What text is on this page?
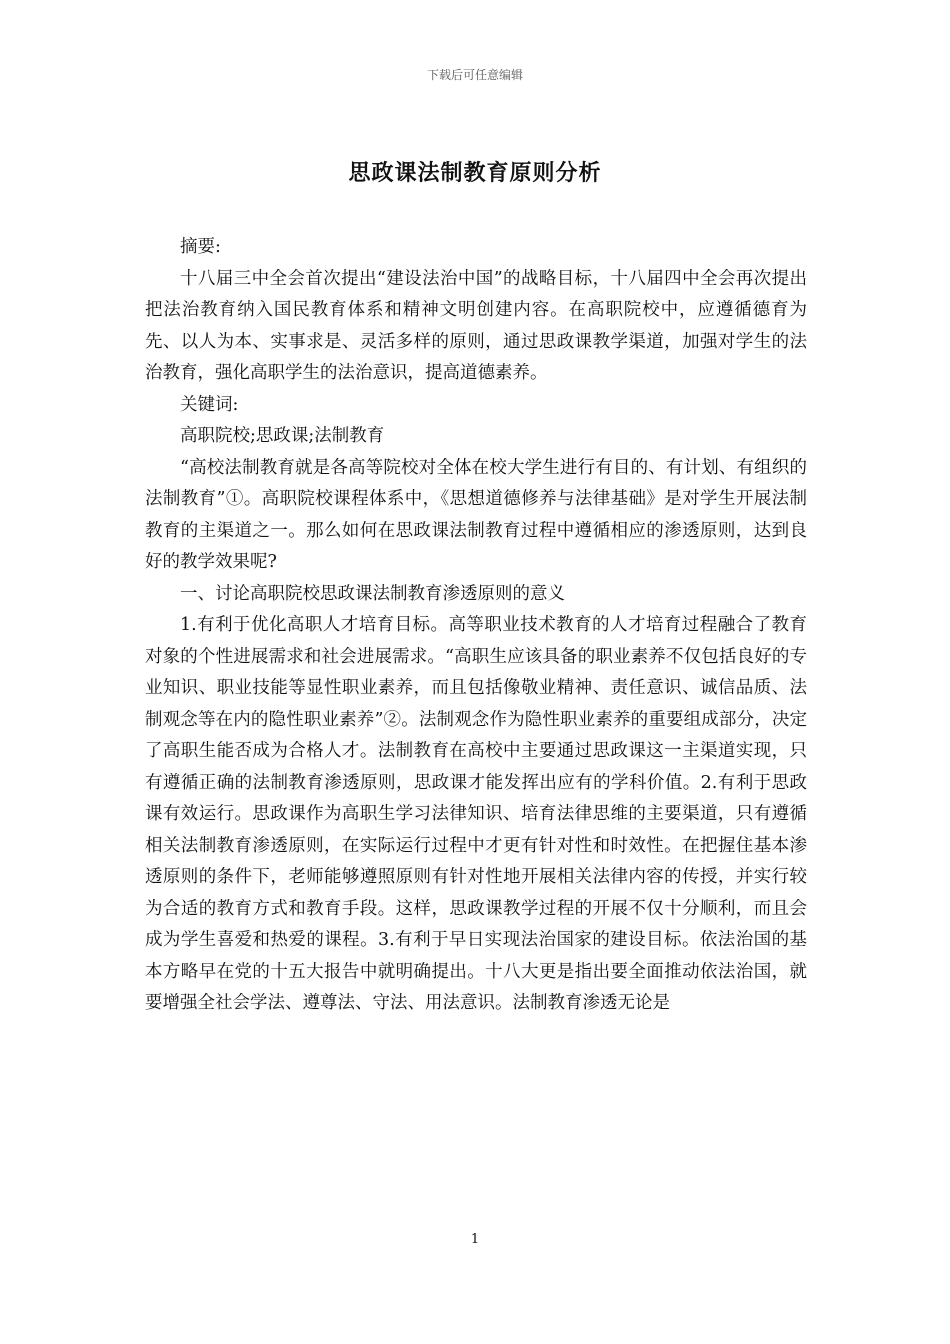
下载后可任意编辑
思政课法制教育原则分析

摘要:

十八届三中全会首次提出“建设法治中国”的战略目标，十八届四中全会再次提出把法治教育纳入国民教育体系和精神文明创建内容。在高职院校中，应遵循德育为先、以人为本、实事求是、灵活多样的原则，通过思政课教学渠道，加强对学生的法治教育，强化高职学生的法治意识，提高道德素养。

关键词:

高职院校;思政课;法制教育

“高校法制教育就是各高等院校对全体在校大学生进行有目的、有计划、有组织的法制教育”①。高职院校课程体系中，《思想道德修养与法律基础》是对学生开展法制教育的主渠道之一。那么如何在思政课法制教育过程中遵循相应的渗透原则，达到良好的教学效果呢?

一、讨论高职院校思政课法制教育渗透原则的意义

1.有利于优化高职人才培育目标。高等职业技术教育的人才培育过程融合了教育对象的个性进展需求和社会进展需求。“高职生应该具备的职业素养不仅包括良好的专业知识、职业技能等显性职业素养，而且包括像敬业精神、责任意识、诚信品质、法制观念等在内的隐性职业素养”②。法制观念作为隐性职业素养的重要组成部分，决定了高职生能否成为合格人才。法制教育在高校中主要通过思政课这一主渠道实现，只有遵循正确的法制教育渗透原则，思政课才能发挥出应有的学科价值。2.有利于思政课有效运行。思政课作为高职生学习法律知识、培育法律思维的主要渠道，只有遵循相关法制教育渗透原则，在实际运行过程中才更有针对性和时效性。在把握住基本渗透原则的条件下，老师能够遵照原则有针对性地开展相关法律内容的传授，并实行较为合适的教育方式和教育手段。这样，思政课教学过程的开展不仅十分顺利，而且会成为学生喜爱和热爱的课程。3.有利于早日实现法治国家的建设目标。依法治国的基本方略早在党的十五大报告中就明确提出。十八大更是指出要全面推动依法治国，就要增强全社会学法、遵尊法、守法、用法意识。法制教育渗透无论是

1
